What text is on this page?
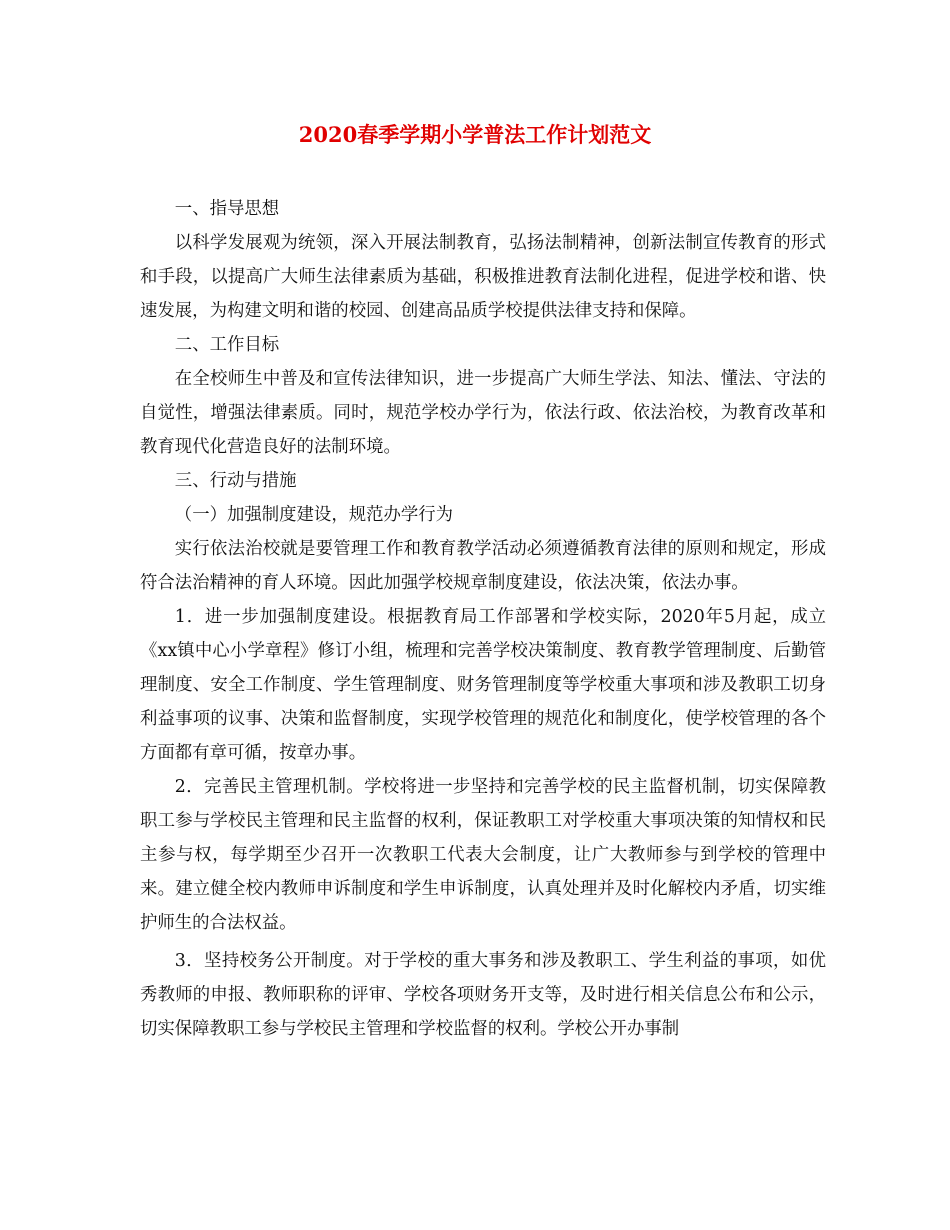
2020春季学期小学普法工作计划范文

一、指导思想

以科学发展观为统领，深入开展法制教育，弘扬法制精神，创新法制宣传教育的形式和手段，以提高广大师生法律素质为基础，积极推进教育法制化进程，促进学校和谐、快速发展，为构建文明和谐的校园、创建高品质学校提供法律支持和保障。

二、工作目标

在全校师生中普及和宣传法律知识，进一步提高广大师生学法、知法、懂法、守法的自觉性，增强法律素质。同时，规范学校办学行为，依法行政、依法治校，为教育改革和教育现代化营造良好的法制环境。

三、行动与措施

（一）加强制度建设，规范办学行为

实行依法治校就是要管理工作和教育教学活动必须遵循教育法律的原则和规定，形成符合法治精神的育人环境。因此加强学校规章制度建设，依法决策，依法办事。

1．进一步加强制度建设。根据教育局工作部署和学校实际，2020年5月起，成立《xx镇中心小学章程》修订小组，梳理和完善学校决策制度、教育教学管理制度、后勤管理制度、安全工作制度、学生管理制度、财务管理制度等学校重大事项和涉及教职工切身利益事项的议事、决策和监督制度，实现学校管理的规范化和制度化，使学校管理的各个方面都有章可循，按章办事。

2．完善民主管理机制。学校将进一步坚持和完善学校的民主监督机制，切实保障教职工参与学校民主管理和民主监督的权利，保证教职工对学校重大事项决策的知情权和民主参与权，每学期至少召开一次教职工代表大会制度，让广大教师参与到学校的管理中来。建立健全校内教师申诉制度和学生申诉制度，认真处理并及时化解校内矛盾，切实维护师生的合法权益。

3．坚持校务公开制度。对于学校的重大事务和涉及教职工、学生利益的事项，如优秀教师的申报、教师职称的评审、学校各项财务开支等，及时进行相关信息公布和公示，切实保障教职工参与学校民主管理和学校监督的权利。学校公开办事制
